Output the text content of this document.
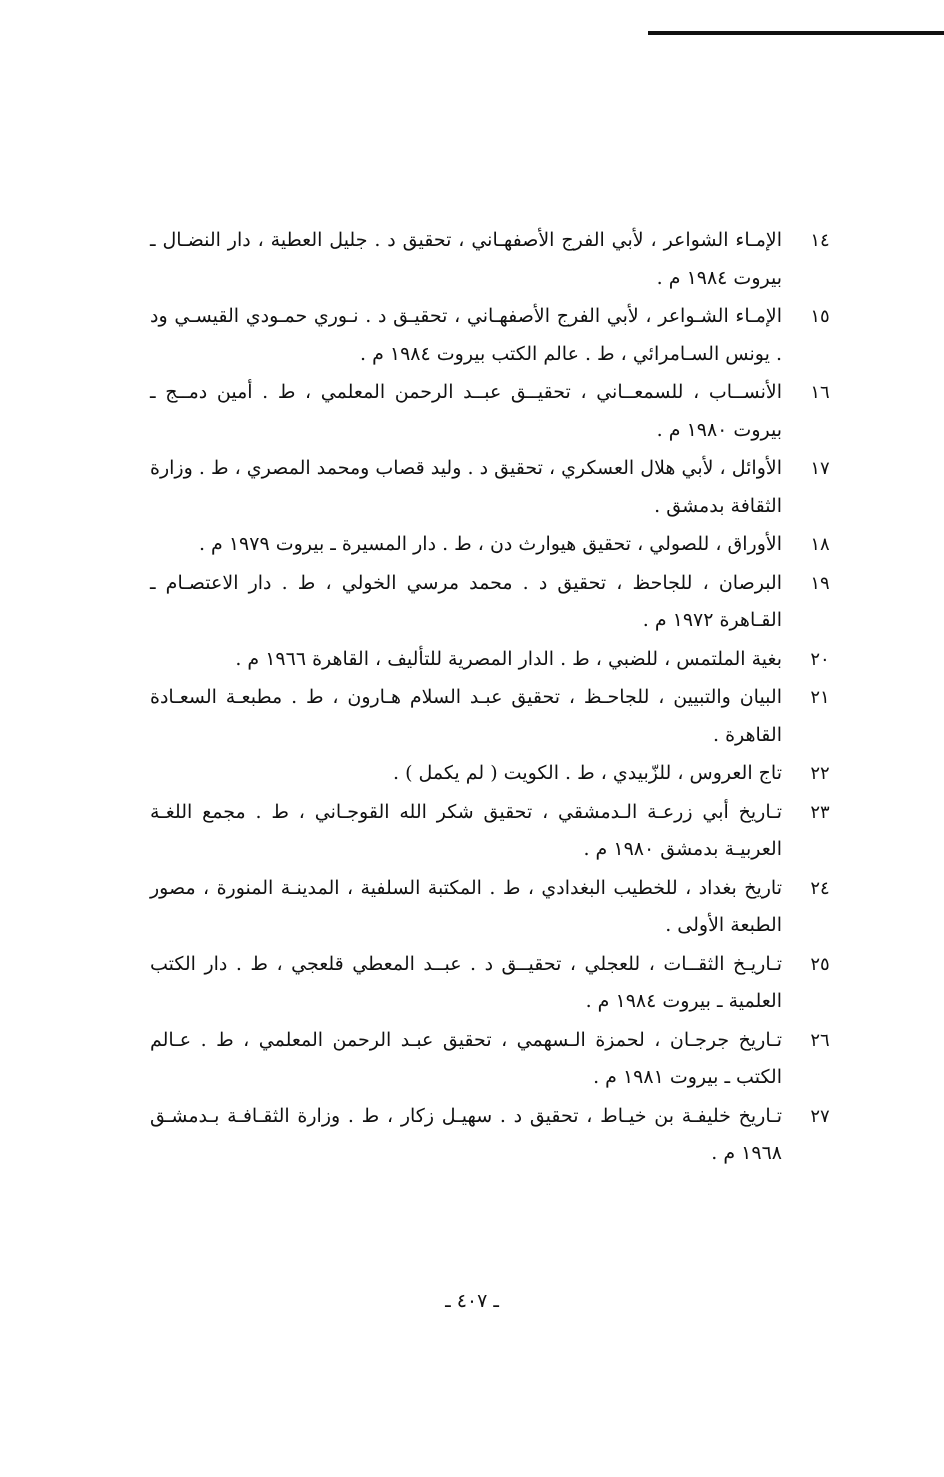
١٤
الإمـاء الشواعر ، لأبي الفرج الأصفهـاني ، تحقيق د . جليل العطية ، دار النضـال ـ بيروت ١٩٨٤ م .
١٥
الإمـاء الشـواعر ، لأبي الفرج الأصفهـاني ، تحقيـق د . نـوري حمـودي القيسـي ود . يونس السـامرائي ، ط . عالم الكتب بيروت ١٩٨٤ م .
١٦
الأنســاب ، للسمعــاني ، تحقيــق عبــد الرحمن المعلمي ، ط . أمين دمــج ـ بيروت ١٩٨٠ م .
١٧
الأوائل ، لأبي هلال العسكري ، تحقيق د . وليد قصاب ومحمد المصري ، ط . وزارة الثقافة بدمشق .
١٨
الأوراق ، للصولي ، تحقيق هيوارث دن ، ط . دار المسيرة ـ بيروت ١٩٧٩ م .
١٩
البرصان ، للجاحظ ، تحقيق د . محمد مرسي الخولي ، ط . دار الاعتصـام ـ القـاهرة ١٩٧٢ م .
٢٠
بغية الملتمس ، للضبي ، ط . الدار المصرية للتأليف ، القاهرة ١٩٦٦ م .
٢١
البيان والتبيين ، للجاحـظ ، تحقيق عبـد السلام هـارون ، ط . مطبعـة السعـادة القاهرة .
٢٢
تاج العروس ، للزّبيدي ، ط . الكويت ( لم يكمل ) .
٢٣
تـاريخ أبي زرعـة الـدمشقي ، تحقيق شكر الله القوجـاني ، ط . مجمع اللغـة العربيـة بدمشق ١٩٨٠ م .
٢٤
تاريخ بغداد ، للخطيب البغدادي ، ط . المكتبة السلفية ، المدينـة المنورة ، مصور الطبعة الأولى .
٢٥
تـاريـخ الثقــات ، للعجلي ، تحقيــق د . عبــد المعطي قلعجي ، ط . دار الكتب العلمية ـ بيروت ١٩٨٤ م .
٢٦
تـاريخ جرجـان ، لحمزة الـسهمي ، تحقيق عبـد الرحمن المعلمي ، ط . عـالم الكتب ـ بيروت ١٩٨١ م .
٢٧
تـاريخ خليفـة بن خيـاط ، تحقيق د . سهيـل زكار ، ط . وزارة الثقـافـة بـدمشـق ١٩٦٨ م .
ـ ٤٠٧ ـ
